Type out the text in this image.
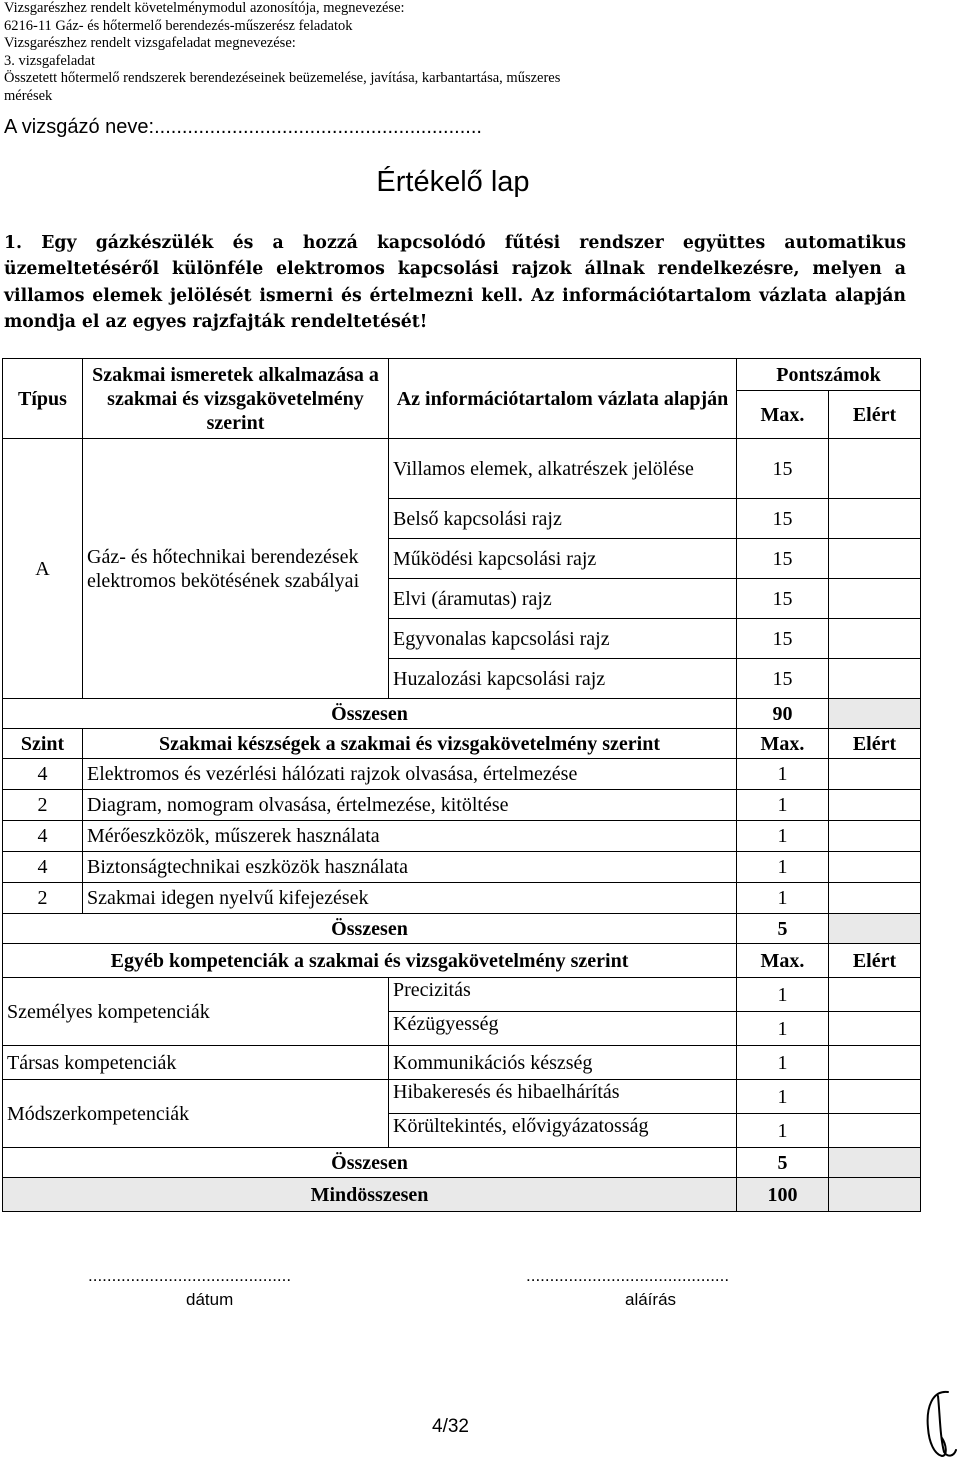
Vizsgarészhez rendelt követelménymodul azonosítója, megnevezése:
6216-11 Gáz- és hőtermelő berendezés-műszerész feladatok
Vizsgarészhez rendelt vizsgafeladat megnevezése:
3. vizsgafeladat
Összetett hőtermelő rendszerek berendezéseinek beüzemelése, javítása, karbantartása, műszeres
mérések
A vizsgázó neve:...........................................................
Értékelő lap
1. Egy gázkészülék és a hozzá kapcsolódó fűtési rendszer együttes automatikus üzemeltetéséről különféle elektromos kapcsolási rajzok állnak rendelkezésre, melyen a villamos elemek jelölését ismerni és értelmezni kell. Az információtartalom vázlata alapján mondja el az egyes rajzfajták rendeltetését!
Típus	Szakmai ismeretek alkalmazása a szakmai és vizsgakövetelmény szerint	Az információtartalom vázlata alapján	Pontszámok	
			Max.	Elért
A	Gáz- és hőtechnikai berendezések elektromos bekötésének szabályai	Villamos elemek, alkatrészek jelölése	15	
		Belső kapcsolási rajz	15	
		Működési kapcsolási rajz	15	
		Elvi (áramutas) rajz	15	
		Egyvonalas kapcsolási rajz	15	
		Huzalozási kapcsolási rajz	15	
Összesen			90	
Szint	Szakmai készségek a szakmai és vizsgakövetelmény szerint		Max.	Elért
4	Elektromos és vezérlési hálózati rajzok olvasása, értelmezése		1	
2	Diagram, nomogram olvasása, értelmezése, kitöltése		1	
4	Mérőeszközök, műszerek használata		1	
4	Biztonságtechnikai eszközök használata		1	
2	Szakmai idegen nyelvű kifejezések		1	
Összesen			5	
Egyéb kompetenciák a szakmai és vizsgakövetelmény szerint			Max.	Elért
Személyes kompetenciák		Precizitás	1	
		Kézügyesség	1	
Társas kompetenciák		Kommunikációs készség	1	
Módszerkompetenciák		Hibakeresés és hibaelhárítás	1	
		Körültekintés, elővigyázatosság	1	
Összesen			5	
Mindösszesen			100	
...........................................
dátum
...........................................
aláírás
4/32
